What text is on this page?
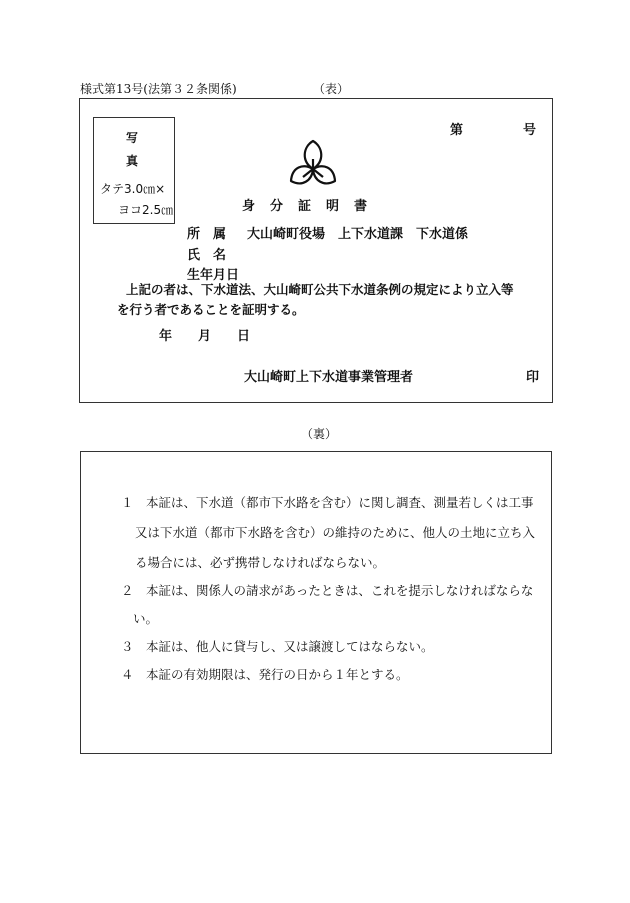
様式第13号(法第３２条関係)	（表）
写
真
タテ3.0㎝×
ヨコ2.5㎝
第	号
身　分　証　明　書
所　属 大山崎町役場　上下水道課　下水道係
氏　名
生年月日
上記の者は、下水道法、大山崎町公共下水道条例の規定により立入等
を行う者であることを証明する。
年　　月　　日
大山崎町上下水道事業管理者	印
（裏）
１　本証は、下水道（都市下水路を含む）に関し調査、測量若しくは工事
又は下水道（都市下水路を含む）の維持のために、他人の土地に立ち入
る場合には、必ず携帯しなければならない。
２　本証は、関係人の請求があったときは、これを提示しなければならな
い。
３　本証は、他人に貸与し、又は譲渡してはならない。
４　本証の有効期限は、発行の日から１年とする。
